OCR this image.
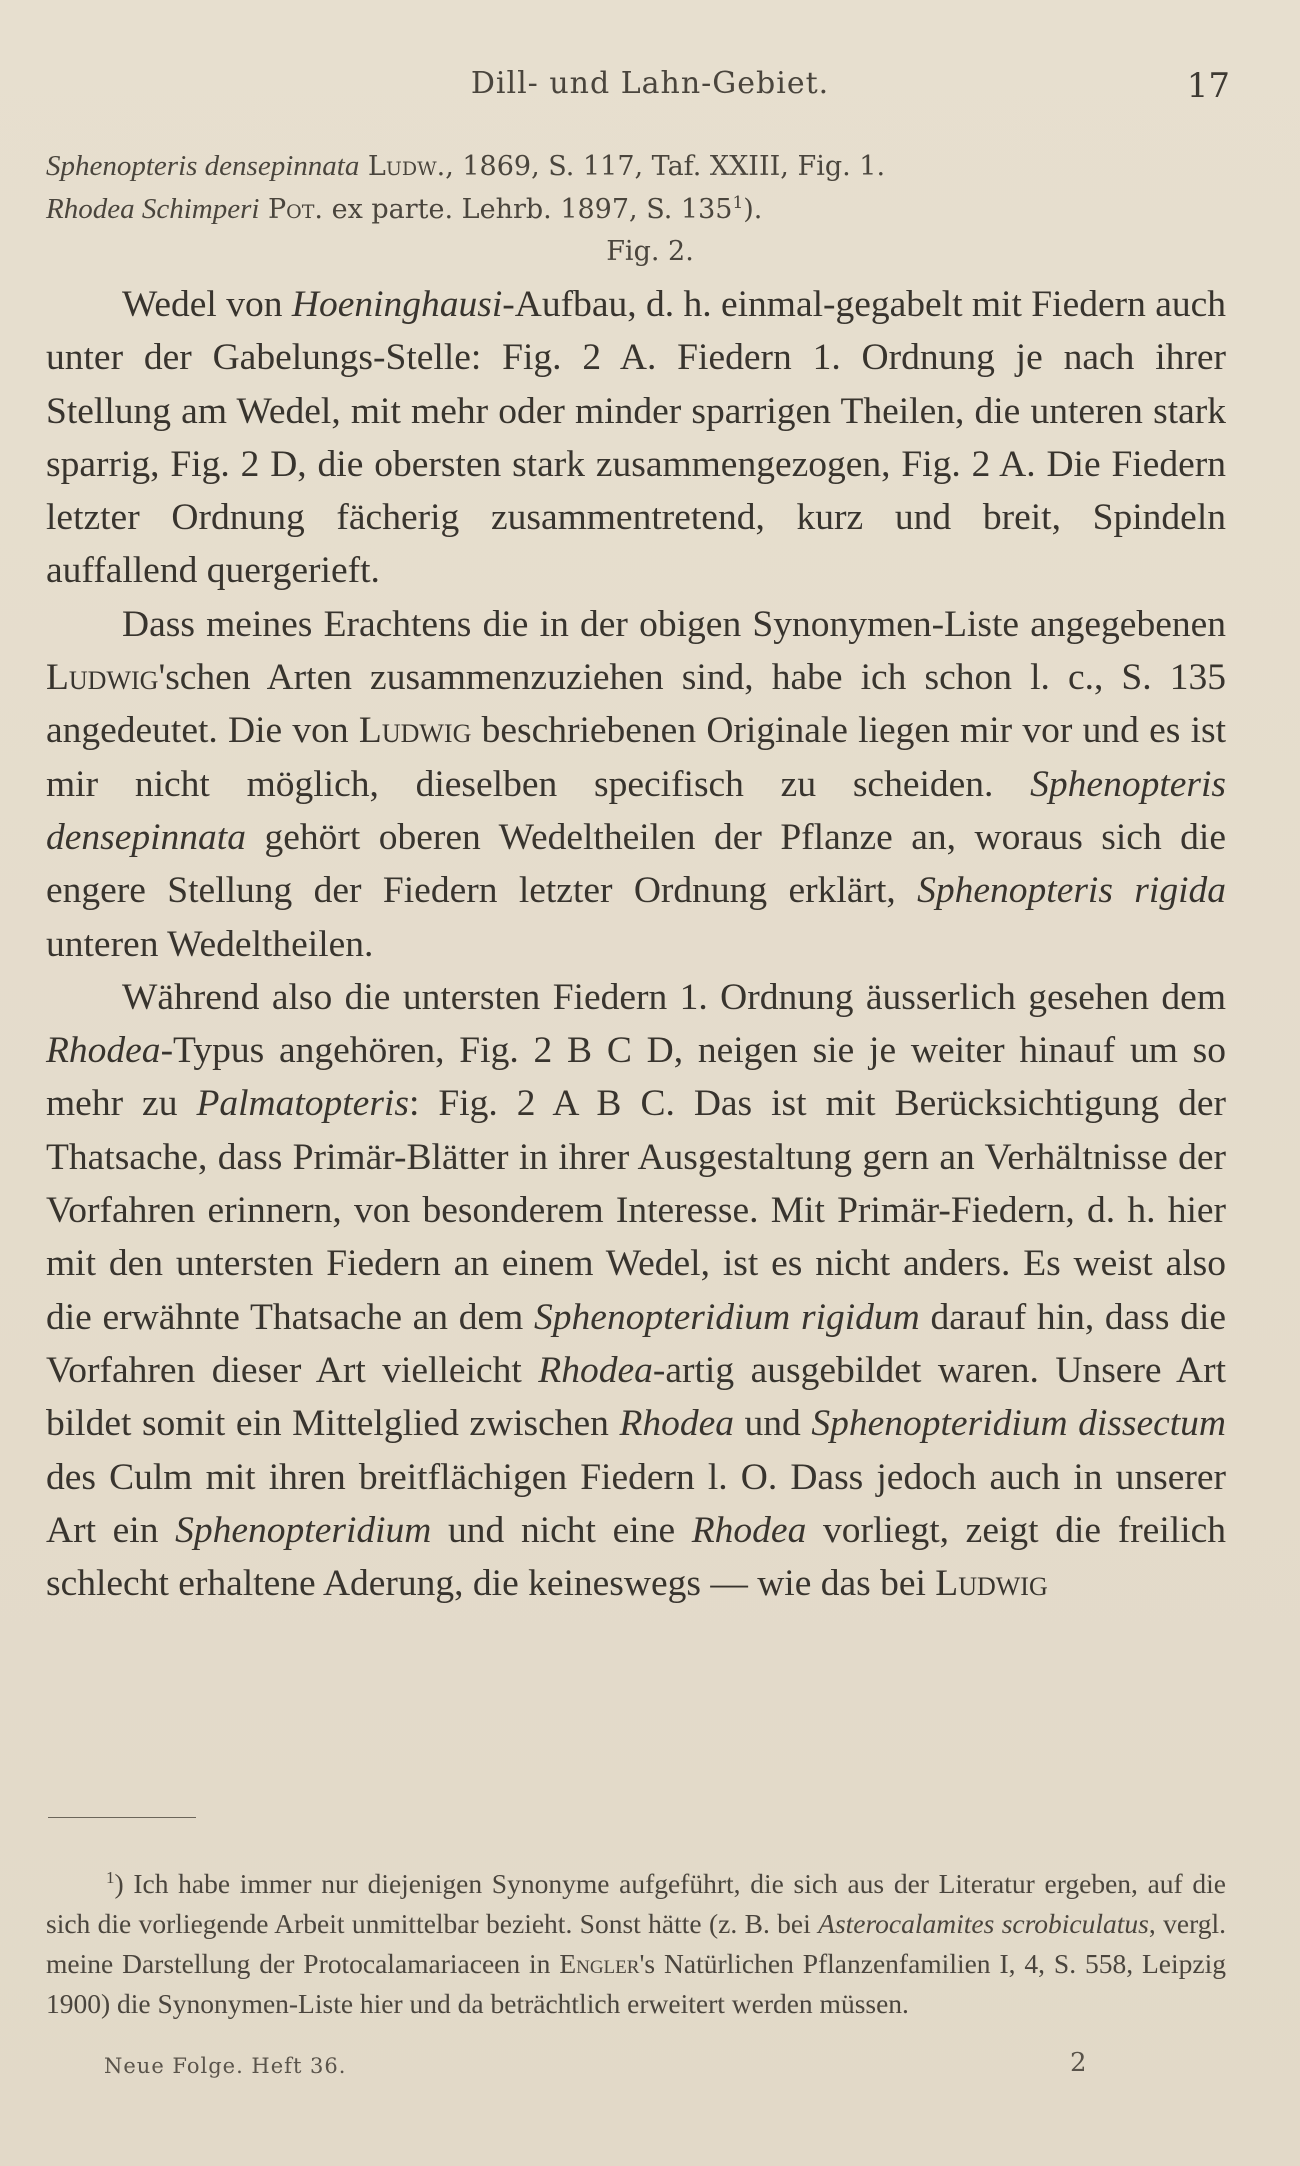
Dill- und Lahn-Gebiet.	17
Sphenopteris densepinnata Ludw., 1869, S. 117, Taf. XXIII, Fig. 1.
Rhodea Schimperi Pot. ex parte. Lehrb. 1897, S. $135^1$).
Fig. 2.

Wedel von Hoeninghausi-Aufbau, d. h. einmal-gegabelt mit Fiedern auch unter der Gabelungs-Stelle: Fig. 2 A. Fiedern 1. Ordnung je nach ihrer Stellung am Wedel, mit mehr oder minder sparrigen Theilen, die unteren stark sparrig, Fig. 2 D, die obersten stark zusammengezogen, Fig. 2 A. Die Fiedern letzter Ordnung fächerig zusammentretend, kurz und breit, Spindeln auffallend quergerieft.

Dass meines Erachtens die in der obigen Synonymen-Liste angegebenen Ludwig'schen Arten zusammenzuziehen sind, habe ich schon l. c., S. 135 angedeutet. Die von Ludwig beschriebenen Originale liegen mir vor und es ist mir nicht möglich, dieselben specifisch zu scheiden. Sphenopteris densepinnata gehört oberen Wedeltheilen der Pflanze an, woraus sich die engere Stellung der Fiedern letzter Ordnung erklärt, Sphenopteris rigida unteren Wedeltheilen.

Während also die untersten Fiedern 1. Ordnung äusserlich gesehen dem Rhodea-Typus angehören, Fig. 2 B C D, neigen sie je weiter hinauf um so mehr zu Palmatopteris: Fig. 2 A B C. Das ist mit Berücksichtigung der Thatsache, dass Primär-Blätter in ihrer Ausgestaltung gern an Verhältnisse der Vorfahren erinnern, von besonderem Interesse. Mit Primär-Fiedern, d. h. hier mit den untersten Fiedern an einem Wedel, ist es nicht anders. Es weist also die erwähnte Thatsache an dem Sphenopteridium rigidum darauf hin, dass die Vorfahren dieser Art vielleicht Rhodea-artig ausgebildet waren. Unsere Art bildet somit ein Mittelglied zwischen Rhodea und Sphenopteridium dissectum des Culm mit ihren breitflächigen Fiedern l. O. Dass jedoch auch in unserer Art ein Sphenopteridium und nicht eine Rhodea vorliegt, zeigt die freilich schlecht erhaltene Aderung, die keineswegs — wie das bei Ludwig

$^1$) Ich habe immer nur diejenigen Synonyme aufgeführt, die sich aus der Literatur ergeben, auf die sich die vorliegende Arbeit unmittelbar bezieht. Sonst hätte (z. B. bei Asterocalamites scrobiculatus, vergl. meine Darstellung der Protocalamariaceen in Engler's Natürlichen Pflanzenfamilien I, 4, S. 558, Leipzig 1900) die Synonymen-Liste hier und da beträchtlich erweitert werden müssen.

Neue Folge. Heft 36.	2
